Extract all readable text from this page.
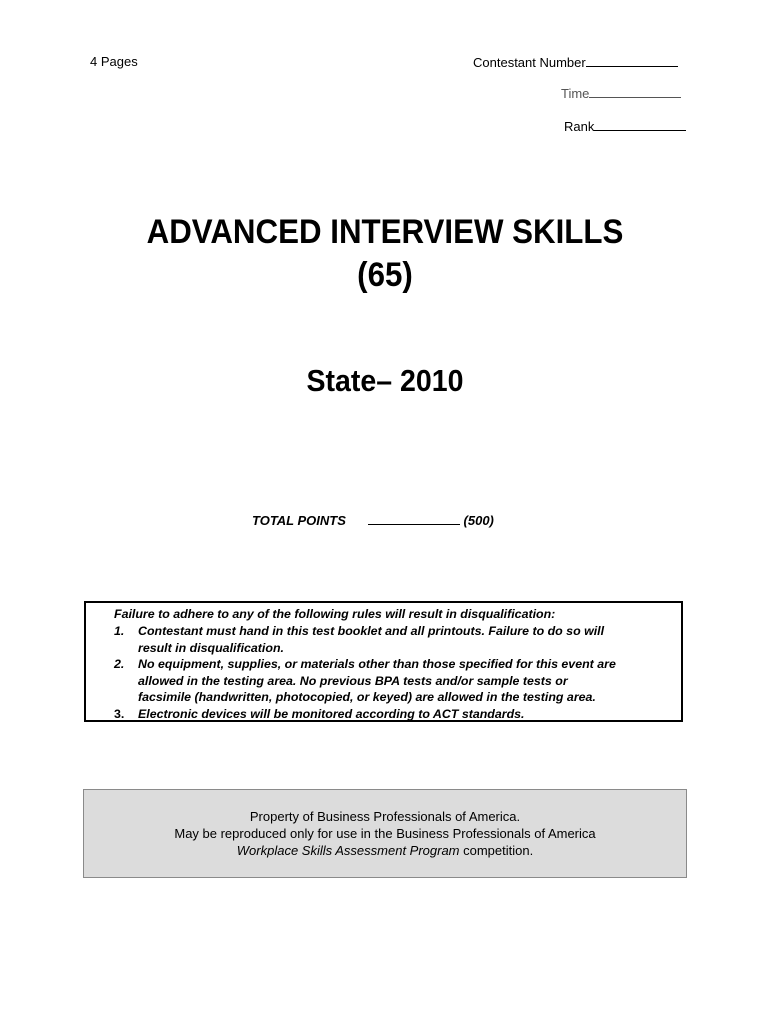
4 Pages	Contestant Number
Time
Rank
ADVANCED INTERVIEW SKILLS
(65)
State– 2010
TOTAL POINTS	(500)
Failure to adhere to any of the following rules will result in disqualification:
1. Contestant must hand in this test booklet and all printouts. Failure to do so will
result in disqualification.
2. No equipment, supplies, or materials other than those specified for this event are
allowed in the testing area. No previous BPA tests and/or sample tests or
facsimile (handwritten, photocopied, or keyed) are allowed in the testing area.
3. Electronic devices will be monitored according to ACT standards.
Property of Business Professionals of America.
May be reproduced only for use in the Business Professionals of America
Workplace Skills Assessment Program competition.
